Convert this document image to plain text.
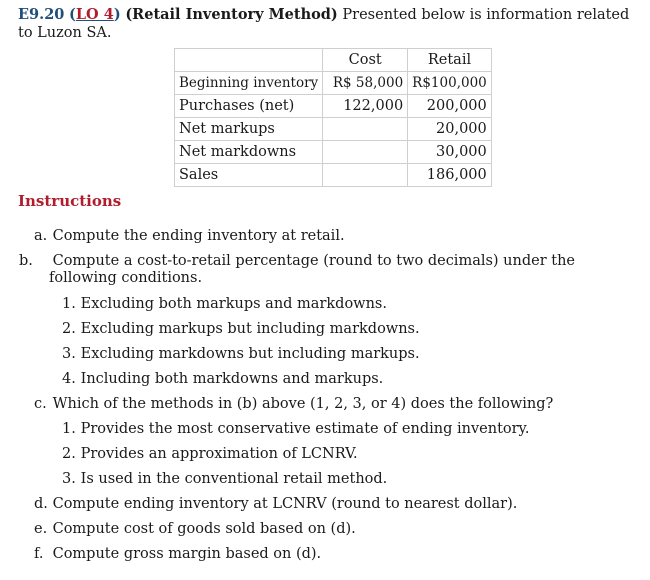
E9.20 (LO 4) (Retail Inventory Method) Presented below is information related to Luzon SA.
	Cost	Retail
Beginning inventory	R$ 58,000	R$100,000
Purchases (net)	122,000	200,000
Net markups		20,000
Net markdowns		30,000
Sales		186,000
Instructions
a. Compute the ending inventory at retail.
b. Compute a cost-to-retail percentage (round to two decimals) under the following conditions.
1. Excluding both markups and markdowns.
2. Excluding markups but including markdowns.
3. Excluding markdowns but including markups.
4. Including both markdowns and markups.
c. Which of the methods in (b) above (1, 2, 3, or 4) does the following?
1. Provides the most conservative estimate of ending inventory.
2. Provides an approximation of LCNRV.
3. Is used in the conventional retail method.
d. Compute ending inventory at LCNRV (round to nearest dollar).
e. Compute cost of goods sold based on (d).
f. Compute gross margin based on (d).
